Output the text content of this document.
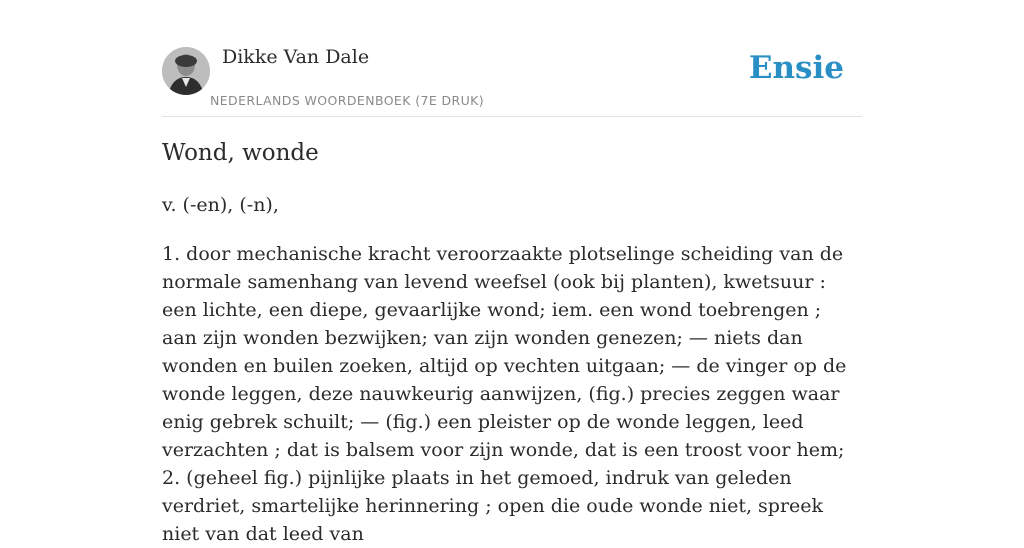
Dikke Van Dale
NEDERLANDS WOORDENBOEK (7E DRUK)
Ensie
Wond, wonde
v. (-en), (-n),

1. door mechanische kracht veroorzaakte plotselinge scheiding van de normale samenhang van levend weefsel (ook bij planten), kwetsuur : een lichte, een diepe, gevaarlijke wond; iem. een wond toebrengen ; aan zijn wonden bezwijken; van zijn wonden genezen; — niets dan wonden en builen zoeken, altijd op vechten uitgaan; — de vinger op de wonde leggen, deze nauwkeurig aanwijzen, (fig.) precies zeggen waar enig gebrek schuilt; — (fig.) een pleister op de wonde leggen, leed verzachten ; dat is balsem voor zijn wonde, dat is een troost voor hem;

2. (geheel fig.) pijnlijke plaats in het gemoed, indruk van geleden verdriet, smartelijke herinnering ; open die oude wonde niet, spreek niet van dat leed van
